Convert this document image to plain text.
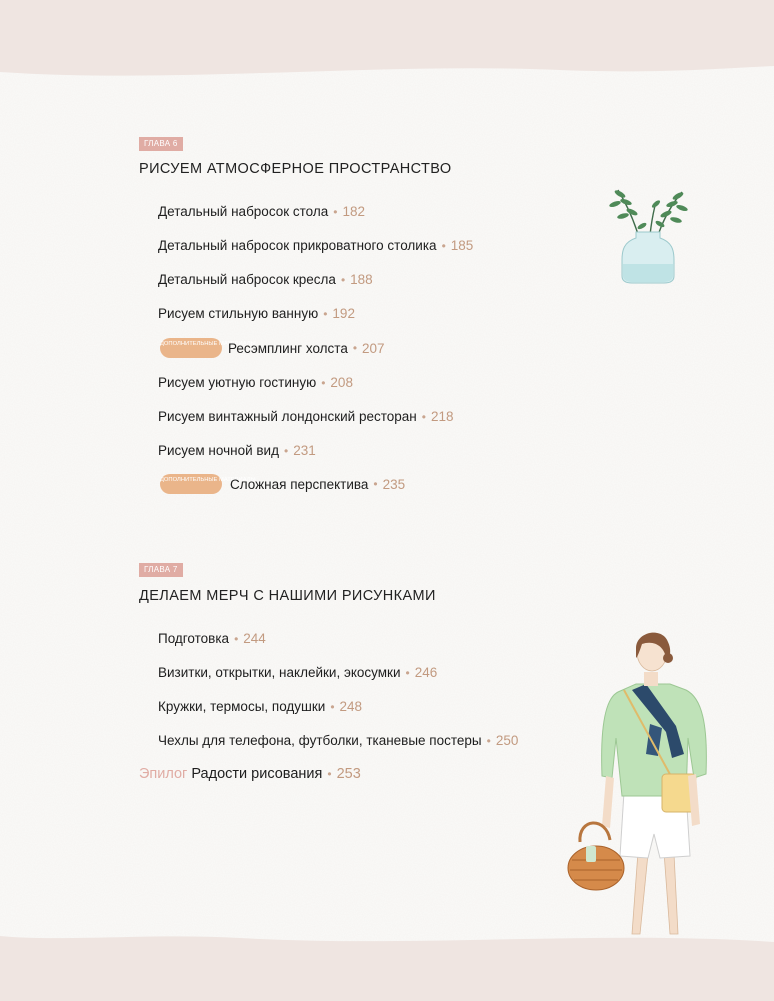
ГЛАВА 6
РИСУЕМ АТМОСФЕРНОЕ ПРОСТРАНСТВО
Детальный набросок стола • 182
Детальный набросок прикроватного столика • 185
Детальный набросок кресла • 188
Рисуем стильную ванную • 192
ДОПОЛНИТЕЛЬНЫЕ МАТЕРИАЛЫ
Ресэмплинг холста • 207
Рисуем уютную гостиную • 208
Рисуем винтажный лондонский ресторан • 218
Рисуем ночной вид • 231
ДОПОЛНИТЕЛЬНЫЕ МАТЕРИАЛЫ
Сложная перспектива • 235
ГЛАВА 7
ДЕЛАЕМ МЕРЧ С НАШИМИ РИСУНКАМИ
Подготовка • 244
Визитки, открытки, наклейки, экосумки • 246
Кружки, термосы, подушки • 248
Чехлы для телефона, футболки, тканевые постеры • 250
Эпилог Радости рисования • 253
